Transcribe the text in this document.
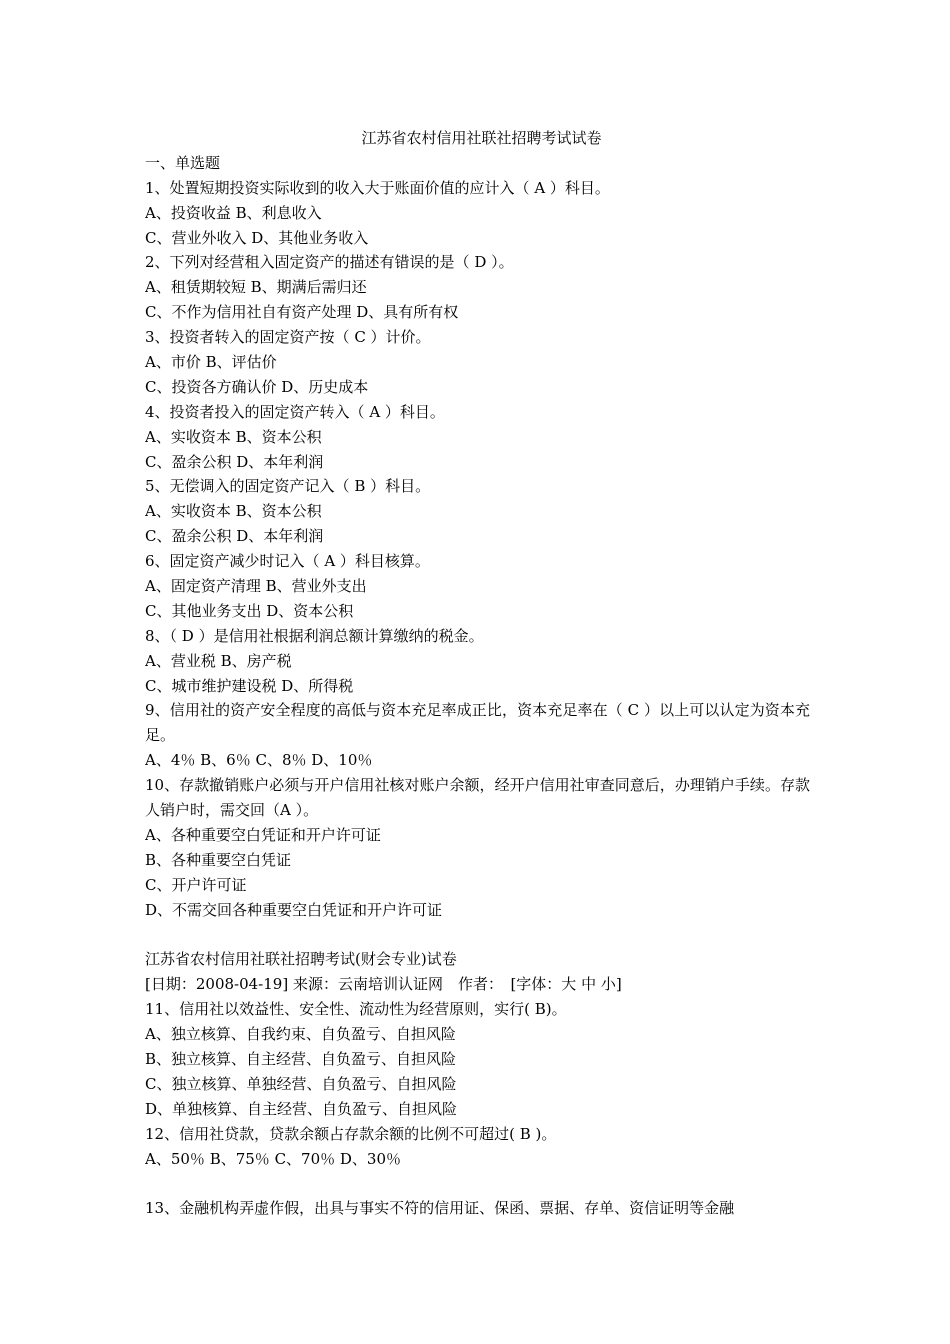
江苏省农村信用社联社招聘考试试卷
一、单选题
1、处置短期投资实际收到的收入大于账面价值的应计入（ A ）科目。
A、投资收益 B、利息收入
C、营业外收入 D、其他业务收入
2、下列对经营租入固定资产的描述有错误的是（ D ）。
A、租赁期较短 B、期满后需归还
C、不作为信用社自有资产处理 D、具有所有权
3、投资者转入的固定资产按（ C ）计价。
A、市价 B、评估价
C、投资各方确认价 D、历史成本
4、投资者投入的固定资产转入（ A ）科目。
A、实收资本 B、资本公积
C、盈余公积 D、本年利润
5、无偿调入的固定资产记入（ B ）科目。
A、实收资本 B、资本公积
C、盈余公积 D、本年利润
6、固定资产减少时记入（ A ）科目核算。
A、固定资产清理 B、营业外支出
C、其他业务支出 D、资本公积
8、（ D ）是信用社根据利润总额计算缴纳的税金。
A、营业税 B、房产税
C、城市维护建设税 D、所得税
9、信用社的资产安全程度的高低与资本充足率成正比，资本充足率在（ C ）以上可以认定为资本充足。
A、4％ B、6％ C、8％ D、10％
10、存款撤销账户必须与开户信用社核对账户余额，经开户信用社审查同意后，办理销户手续。存款人销户时，需交回（A ）。
A、各种重要空白凭证和开户许可证
B、各种重要空白凭证
C、开户许可证
D、不需交回各种重要空白凭证和开户许可证
江苏省农村信用社联社招聘考试(财会专业)试卷
[日期：2008-04-19] 来源：云南培训认证网　作者：　[字体：大 中 小]
11、信用社以效益性、安全性、流动性为经营原则，实行( B)。
A、独立核算、自我约束、自负盈亏、自担风险
B、独立核算、自主经营、自负盈亏、自担风险
C、独立核算、单独经营、自负盈亏、自担风险
D、单独核算、自主经营、自负盈亏、自担风险
12、信用社贷款，贷款余额占存款余额的比例不可超过( B )。
A、50％ B、75％ C、70％ D、30％
13、金融机构弄虚作假，出具与事实不符的信用证、保函、票据、存单、资信证明等金融
